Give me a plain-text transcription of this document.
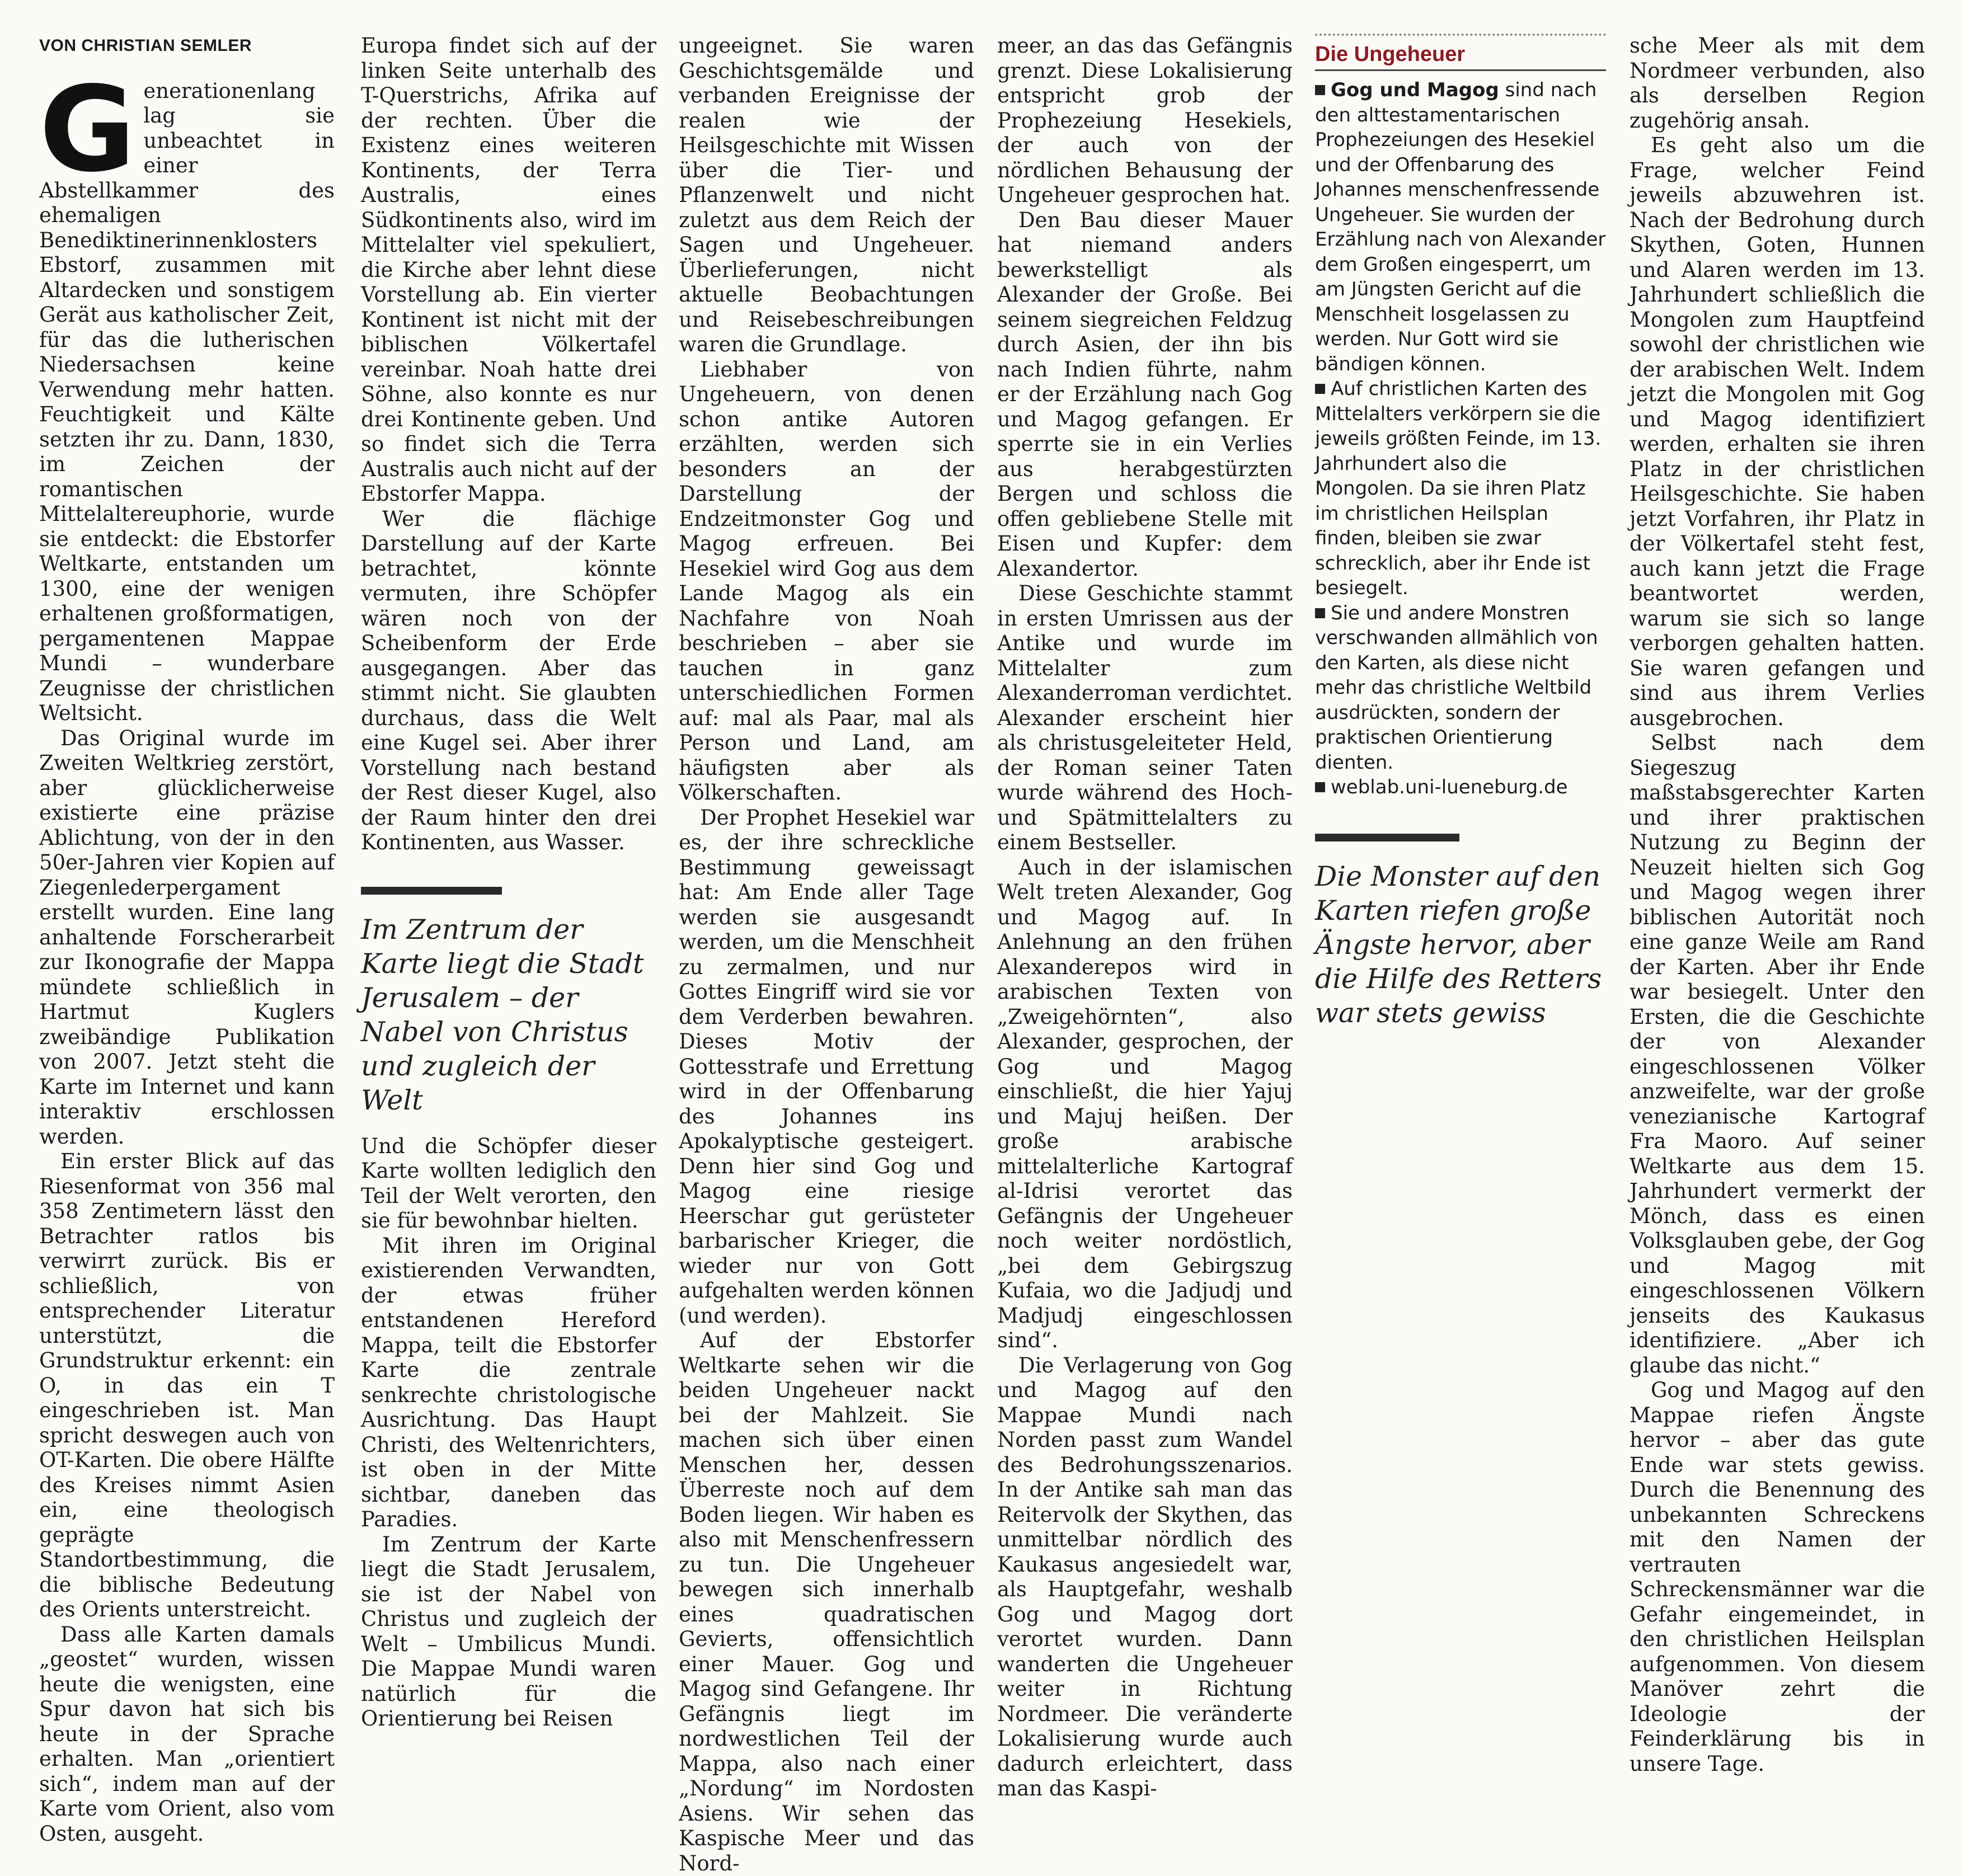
VON CHRISTIAN SEMLER

Generationenlang lag sie unbeachtet in einer Abstellkammer des ehemaligen Benediktinerinnenklosters Ebstorf, zusammen mit Altardecken und sonstigem Gerät aus katholischer Zeit, für das die lutherischen Niedersachsen keine Verwendung mehr hatten. Feuchtigkeit und Kälte setzten ihr zu. Dann, 1830, im Zeichen der romantischen Mittelaltereuphorie, wurde sie entdeckt: die Ebstorfer Weltkarte, entstanden um 1300, eine der wenigen erhaltenen großformatigen, pergamentenen Mappae Mundi – wunderbare Zeugnisse der christlichen Weltsicht.

Das Original wurde im Zweiten Weltkrieg zerstört, aber glücklicherweise existierte eine präzise Ablichtung, von der in den 50er-Jahren vier Kopien auf Ziegenlederpergament erstellt wurden. Eine lang anhaltende Forscherarbeit zur Ikonografie der Mappa mündete schließlich in Hartmut Kuglers zweibändige Publikation von 2007. Jetzt steht die Karte im Internet und kann interaktiv erschlossen werden.

Ein erster Blick auf das Riesenformat von 356 mal 358 Zentimetern lässt den Betrachter ratlos bis verwirrt zurück. Bis er schließlich, von entsprechender Literatur unterstützt, die Grundstruktur erkennt: ein O, in das ein T eingeschrieben ist. Man spricht deswegen auch von OT-Karten. Die obere Hälfte des Kreises nimmt Asien ein, eine theologisch geprägte Standortbestimmung, die die biblische Bedeutung des Orients unterstreicht.

Dass alle Karten damals „geostet“ wurden, wissen heute die wenigsten, eine Spur davon hat sich bis heute in der Sprache erhalten. Man „orientiert sich“, indem man auf der Karte vom Orient, also vom Osten, ausgeht.

Europa findet sich auf der linken Seite unterhalb des T-Querstrichs, Afrika auf der rechten. Über die Existenz eines weiteren Kontinents, der Terra Australis, eines Südkontinents also, wird im Mittelalter viel spekuliert, die Kirche aber lehnt diese Vorstellung ab. Ein vierter Kontinent ist nicht mit der biblischen Völkertafel vereinbar. Noah hatte drei Söhne, also konnte es nur drei Kontinente geben. Und so findet sich die Terra Australis auch nicht auf der Ebstorfer Mappa.

Wer die flächige Darstellung auf der Karte betrachtet, könnte vermuten, ihre Schöpfer wären noch von der Scheibenform der Erde ausgegangen. Aber das stimmt nicht. Sie glaubten durchaus, dass die Welt eine Kugel sei. Aber ihrer Vorstellung nach bestand der Rest dieser Kugel, also der Raum hinter den drei Kontinenten, aus Wasser.

Im Zentrum der Karte liegt die Stadt Jerusalem – der Nabel von Christus und zugleich der Welt

Und die Schöpfer dieser Karte wollten lediglich den Teil der Welt verorten, den sie für bewohnbar hielten.

Mit ihren im Original existierenden Verwandten, der etwas früher entstandenen Hereford Mappa, teilt die Ebstorfer Karte die zentrale senkrechte christologische Ausrichtung. Das Haupt Christi, des Weltenrichters, ist oben in der Mitte sichtbar, daneben das Paradies.

Im Zentrum der Karte liegt die Stadt Jerusalem, sie ist der Nabel von Christus und zugleich der Welt – Umbilicus Mundi. Die Mappae Mundi waren natürlich für die Orientierung bei Reisen

ungeeignet. Sie waren Geschichtsgemälde und verbanden Ereignisse der realen wie der Heilsgeschichte mit Wissen über die Tier- und Pflanzenwelt und nicht zuletzt aus dem Reich der Sagen und Ungeheuer. Überlieferungen, nicht aktuelle Beobachtungen und Reisebeschreibungen waren die Grundlage.

Liebhaber von Ungeheuern, von denen schon antike Autoren erzählten, werden sich besonders an der Darstellung der Endzeitmonster Gog und Magog erfreuen. Bei Hesekiel wird Gog aus dem Lande Magog als ein Nachfahre von Noah beschrieben – aber sie tauchen in ganz unterschiedlichen Formen auf: mal als Paar, mal als Person und Land, am häufigsten aber als Völkerschaften.

Der Prophet Hesekiel war es, der ihre schreckliche Bestimmung geweissagt hat: Am Ende aller Tage werden sie ausgesandt werden, um die Menschheit zu zermalmen, und nur Gottes Eingriff wird sie vor dem Verderben bewahren. Dieses Motiv der Gottesstrafe und Errettung wird in der Offenbarung des Johannes ins Apokalyptische gesteigert. Denn hier sind Gog und Magog eine riesige Heerschar gut gerüsteter barbarischer Krieger, die wieder nur von Gott aufgehalten werden können (und werden).

Auf der Ebstorfer Weltkarte sehen wir die beiden Ungeheuer nackt bei der Mahlzeit. Sie machen sich über einen Menschen her, dessen Überreste noch auf dem Boden liegen. Wir haben es also mit Menschenfressern zu tun. Die Ungeheuer bewegen sich innerhalb eines quadratischen Gevierts, offensichtlich einer Mauer. Gog und Magog sind Gefangene. Ihr Gefängnis liegt im nordwestlichen Teil der Mappa, also nach einer „Nordung“ im Nordosten Asiens. Wir sehen das Kaspische Meer und das Nord-

meer, an das das Gefängnis grenzt. Diese Lokalisierung entspricht grob der Prophezeiung Hesekiels, der auch von der nördlichen Behausung der Ungeheuer gesprochen hat.

Den Bau dieser Mauer hat niemand anders bewerkstelligt als Alexander der Große. Bei seinem siegreichen Feldzug durch Asien, der ihn bis nach Indien führte, nahm er der Erzählung nach Gog und Magog gefangen. Er sperrte sie in ein Verlies aus herabgestürzten Bergen und schloss die offen gebliebene Stelle mit Eisen und Kupfer: dem Alexandertor.

Diese Geschichte stammt in ersten Umrissen aus der Antike und wurde im Mittelalter zum Alexanderroman verdichtet. Alexander erscheint hier als christusgeleiteter Held, der Roman seiner Taten wurde während des Hoch- und Spätmittelalters zu einem Bestseller.

Auch in der islamischen Welt treten Alexander, Gog und Magog auf. In Anlehnung an den frühen Alexanderepos wird in arabischen Texten von „Zweigehörnten“, also Alexander, gesprochen, der Gog und Magog einschließt, die hier Yajuj und Majuj heißen. Der große arabische mittelalterliche Kartograf al-Idrisi verortet das Gefängnis der Ungeheuer noch weiter nordöstlich, „bei dem Gebirgszug Kufaia, wo die Jadjudj und Madjudj eingeschlossen sind“.

Die Verlagerung von Gog und Magog auf den Mappae Mundi nach Norden passt zum Wandel des Bedrohungsszenarios. In der Antike sah man das Reitervolk der Skythen, das unmittelbar nördlich des Kaukasus angesiedelt war, als Hauptgefahr, weshalb Gog und Magog dort verortet wurden. Dann wanderten die Ungeheuer weiter in Richtung Nordmeer. Die veränderte Lokalisierung wurde auch dadurch erleichtert, dass man das Kaspi-

Die Ungeheuer

Gog und Magog sind nach den alttestamentarischen Prophezeiungen des Hesekiel und der Offenbarung des Johannes menschenfressende Ungeheuer. Sie wurden der Erzählung nach von Alexander dem Großen eingesperrt, um am Jüngsten Gericht auf die Menschheit losgelassen zu werden. Nur Gott wird sie bändigen können.

Auf christlichen Karten des Mittelalters verkörpern sie die jeweils größten Feinde, im 13. Jahrhundert also die Mongolen. Da sie ihren Platz im christlichen Heilsplan finden, bleiben sie zwar schrecklich, aber ihr Ende ist besiegelt.

Sie und andere Monstren verschwanden allmählich von den Karten, als diese nicht mehr das christliche Weltbild ausdrückten, sondern der praktischen Orientierung dienten.

weblab.uni-lueneburg.de

Die Monster auf den Karten riefen große Ängste hervor, aber die Hilfe des Retters war stets gewiss

sche Meer als mit dem Nordmeer verbunden, also als derselben Region zugehörig ansah.

Es geht also um die Frage, welcher Feind jeweils abzuwehren ist. Nach der Bedrohung durch Skythen, Goten, Hunnen und Alaren werden im 13. Jahrhundert schließlich die Mongolen zum Hauptfeind sowohl der christlichen wie der arabischen Welt. Indem jetzt die Mongolen mit Gog und Magog identifiziert werden, erhalten sie ihren Platz in der christlichen Heilsgeschichte. Sie haben jetzt Vorfahren, ihr Platz in der Völkertafel steht fest, auch kann jetzt die Frage beantwortet werden, warum sie sich so lange verborgen gehalten hatten. Sie waren gefangen und sind aus ihrem Verlies ausgebrochen.

Selbst nach dem Siegeszug maßstabsgerechter Karten und ihrer praktischen Nutzung zu Beginn der Neuzeit hielten sich Gog und Magog wegen ihrer biblischen Autorität noch eine ganze Weile am Rand der Karten. Aber ihr Ende war besiegelt. Unter den Ersten, die die Geschichte der von Alexander eingeschlossenen Völker anzweifelte, war der große venezianische Kartograf Fra Maoro. Auf seiner Weltkarte aus dem 15. Jahrhundert vermerkt der Mönch, dass es einen Volksglauben gebe, der Gog und Magog mit eingeschlossenen Völkern jenseits des Kaukasus identifiziere. „Aber ich glaube das nicht.“

Gog und Magog auf den Mappae riefen Ängste hervor – aber das gute Ende war stets gewiss. Durch die Benennung des unbekannten Schreckens mit den Namen der vertrauten Schreckensmänner war die Gefahr eingemeindet, in den christlichen Heilsplan aufgenommen. Von diesem Manöver zehrt die Ideologie der Feinderklärung bis in unsere Tage.
